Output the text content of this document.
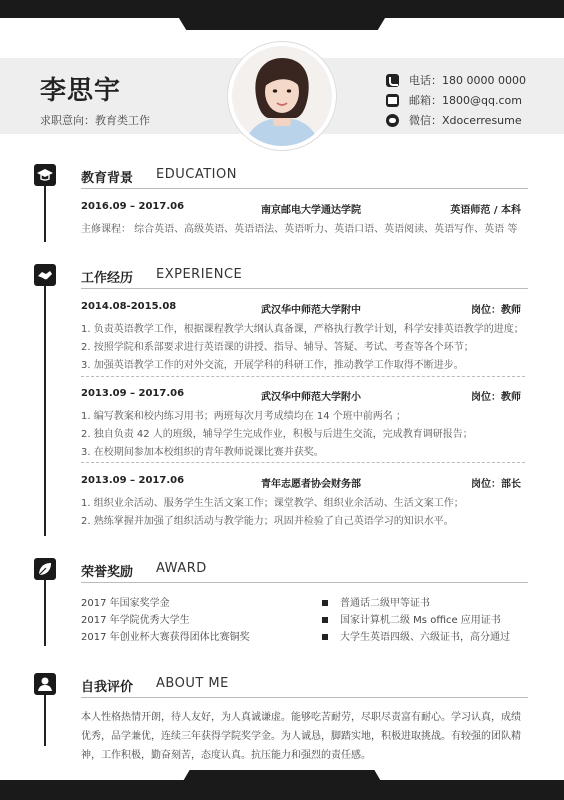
李思宇
求职意向：教育类工作
电话：180 0000 0000
邮箱：1800@qq.com
微信：Xdocerresume
教育背景 EDUCATION
2016.09 – 2017.06	南京邮电大学通达学院	英语师范 / 本科
主修课程： 综合英语、高级英语、英语语法、英语听力、英语口语、英语阅读、英语写作、英语 等
工作经历 EXPERIENCE
2014.08-2015.08	武汉华中师范大学附中	岗位：教师
1. 负责英语教学工作，根据课程教学大纲认真备课，严格执行教学计划，科学安排英语教学的进度；
2. 按照学院和系部要求进行英语课的讲授、指导、辅导、答疑、考试、考查等各个环节；
3. 加强英语教学工作的对外交流，开展学科的科研工作，推动教学工作取得不断进步。
2013.09 – 2017.06	武汉华中师范大学附小	岗位：教师
1. 编写教案和校内练习用书；两班每次月考成绩均在 14 个班中前两名 ；
2. 独自负责 42 人的班级，辅导学生完成作业，积极与后进生交流，完成教育调研报告；
3. 在校期间参加本校组织的青年教师说课比赛并获奖。
2013.09 – 2017.06	青年志愿者协会财务部	岗位：部长
1. 组织业余活动、服务学生生活文案工作；课堂教学、组织业余活动、生活文案工作；
2. 熟练掌握并加强了组织活动与教学能力；巩固并检验了自己英语学习的知识水平。
荣誉奖励 AWARD
2017 年国家奖学金
2017 年学院优秀大学生
2017 年创业杯大赛获得团体比赛铜奖
普通话二级甲等证书
国家计算机二级 Ms office 应用证书
大学生英语四级、六级证书，高分通过
自我评价 ABOUT ME
本人性格热情开朗，待人友好，为人真诚谦虚。能够吃苦耐劳，尽职尽责富有耐心。学习认真，成绩优秀，品学兼优，连续三年获得学院奖学金。为人诚恳，脚踏实地，积极进取挑战。有较强的团队精神，工作积极，勤奋刻苦，态度认真。抗压能力和强烈的责任感。
